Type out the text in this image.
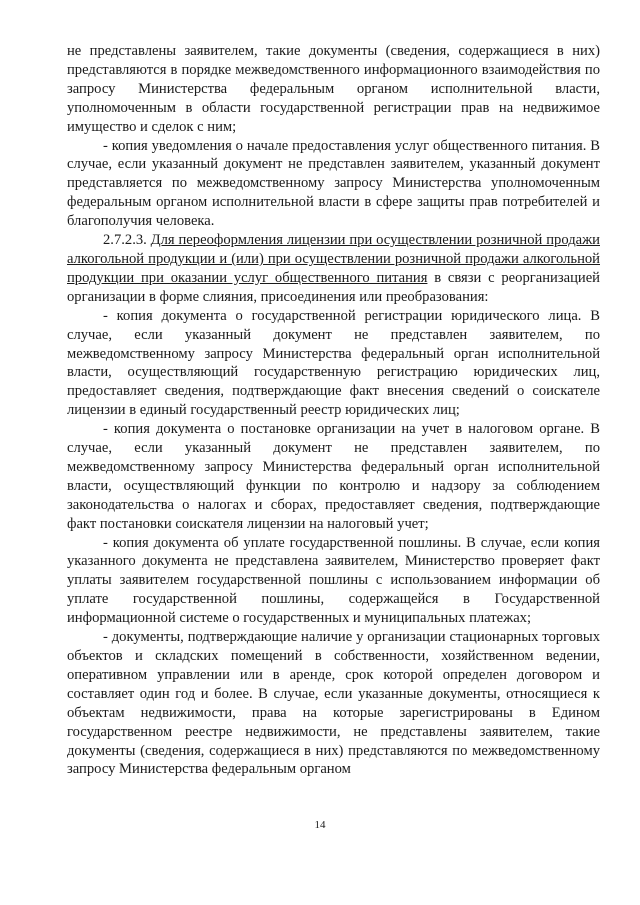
не представлены заявителем, такие документы (сведения, содержащиеся в них) представляются в порядке межведомственного информационного взаимодействия по запросу Министерства федеральным органом исполнительной власти, уполномоченным в области государственной регистрации прав на недвижимое имущество и сделок с ним;

- копия уведомления о начале предоставления услуг общественного питания. В случае, если указанный документ не представлен заявителем, указанный документ представляется по межведомственному запросу Министерства уполномоченным федеральным органом исполнительной власти в сфере защиты прав потребителей и благополучия человека.

2.7.2.3. Для переоформления лицензии при осуществлении розничной продажи алкогольной продукции и (или) при осуществлении розничной продажи алкогольной продукции при оказании услуг общественного питания в связи с реорганизацией организации в форме слияния, присоединения или преобразования:

- копия документа о государственной регистрации юридического лица. В случае, если указанный документ не представлен заявителем, по межведомственному запросу Министерства федеральный орган исполнительной власти, осуществляющий государственную регистрацию юридических лиц, предоставляет сведения, подтверждающие факт внесения сведений о соискателе лицензии в единый государственный реестр юридических лиц;

- копия документа о постановке организации на учет в налоговом органе. В случае, если указанный документ не представлен заявителем, по межведомственному запросу Министерства федеральный орган исполнительной власти, осуществляющий функции по контролю и надзору за соблюдением законодательства о налогах и сборах, предоставляет сведения, подтверждающие факт постановки соискателя лицензии на налоговый учет;

- копия документа об уплате государственной пошлины. В случае, если копия указанного документа не представлена заявителем, Министерство проверяет факт уплаты заявителем государственной пошлины с использованием информации об уплате государственной пошлины, содержащейся в Государственной информационной системе о государственных и муниципальных платежах;

- документы, подтверждающие наличие у организации стационарных торговых объектов и складских помещений в собственности, хозяйственном ведении, оперативном управлении или в аренде, срок которой определен договором и составляет один год и более. В случае, если указанные документы, относящиеся к объектам недвижимости, права на которые зарегистрированы в Едином государственном реестре недвижимости, не представлены заявителем, такие документы (сведения, содержащиеся в них) представляются по межведомственному запросу Министерства федеральным органом

14
